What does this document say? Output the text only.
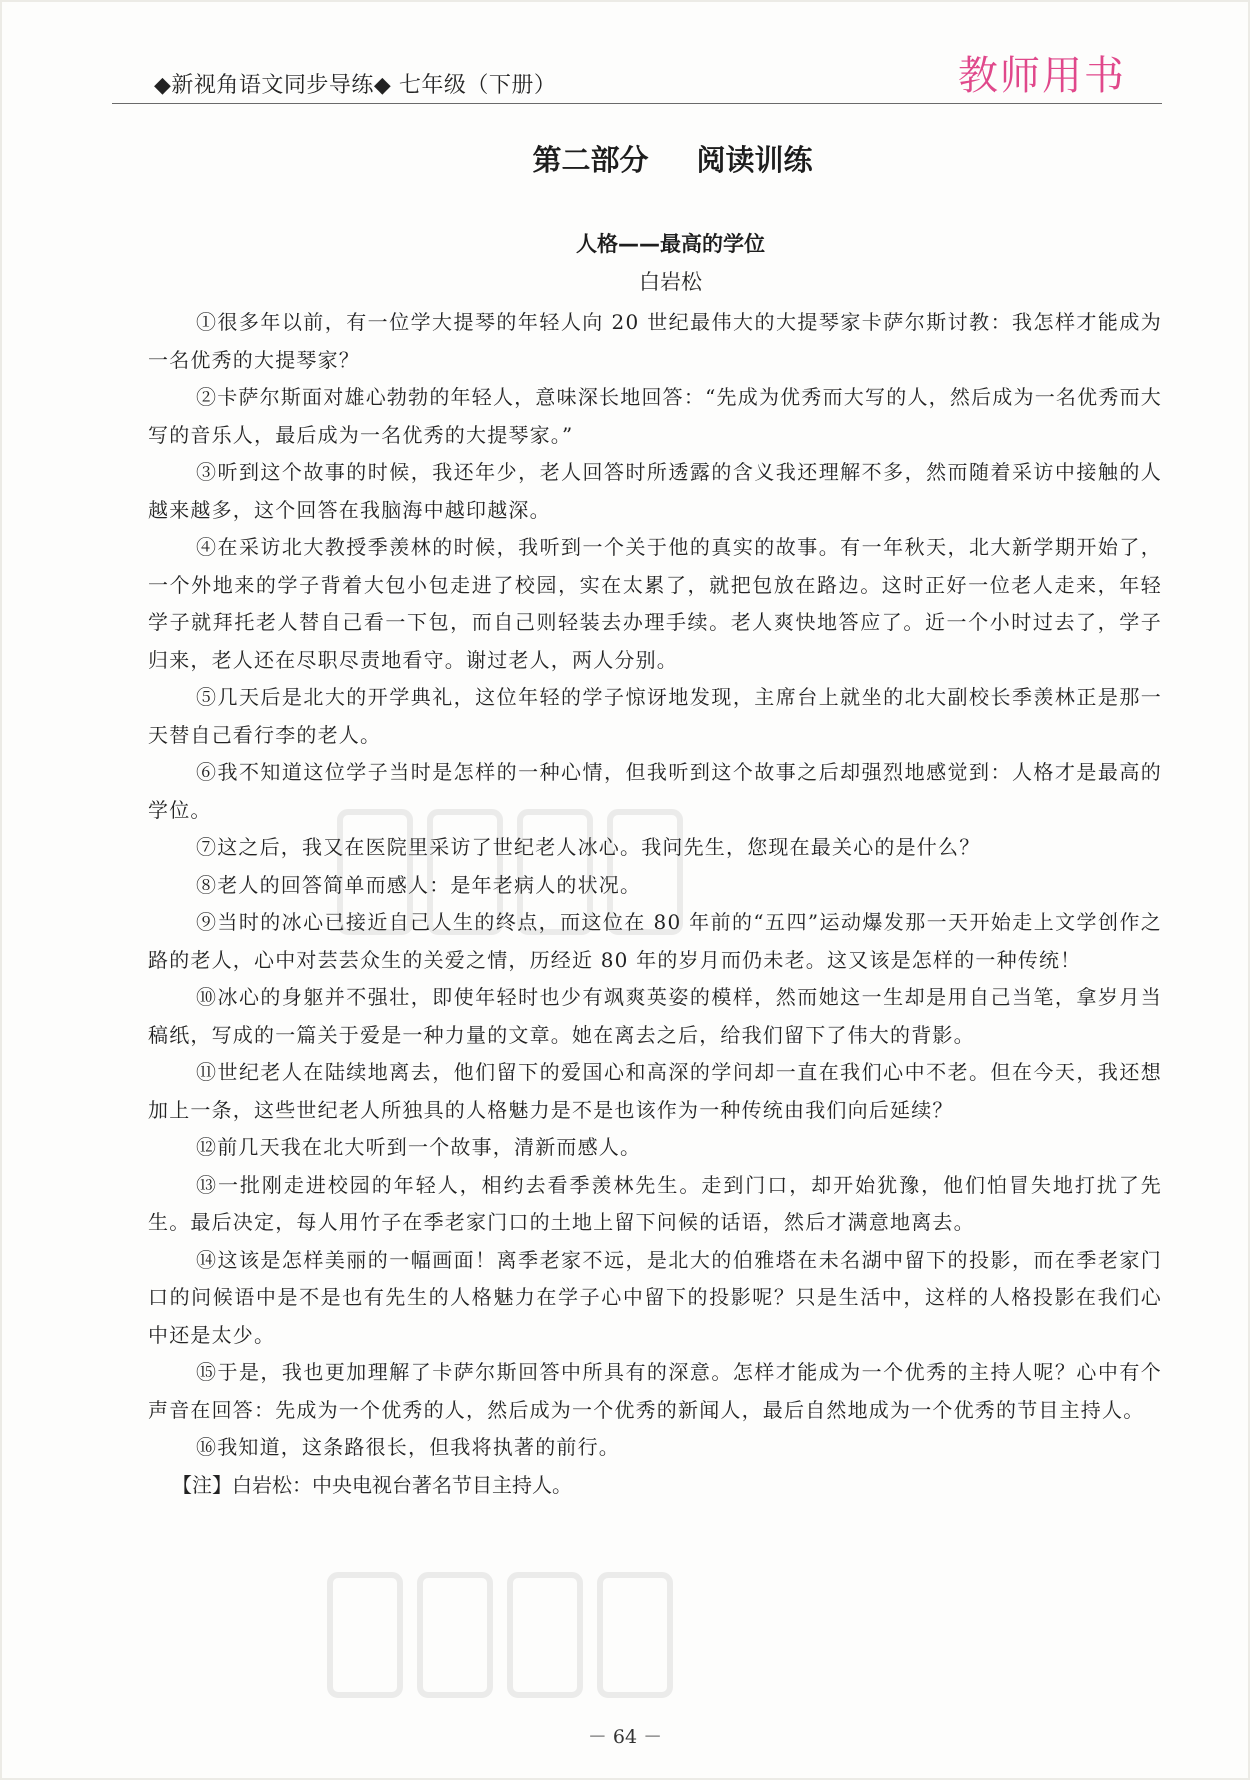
◆新视角语文同步导练◆ 七年级（下册）	教师用书
第二部分 阅读训练
人格——最高的学位
白岩松

①很多年以前，有一位学大提琴的年轻人向 20 世纪最伟大的大提琴家卡萨尔斯讨教：我怎样才能成为一名优秀的大提琴家？

②卡萨尔斯面对雄心勃勃的年轻人，意味深长地回答：“先成为优秀而大写的人，然后成为一名优秀而大写的音乐人，最后成为一名优秀的大提琴家。”

③听到这个故事的时候，我还年少，老人回答时所透露的含义我还理解不多，然而随着采访中接触的人越来越多，这个回答在我脑海中越印越深。

④在采访北大教授季羡林的时候，我听到一个关于他的真实的故事。有一年秋天，北大新学期开始了，一个外地来的学子背着大包小包走进了校园，实在太累了，就把包放在路边。这时正好一位老人走来，年轻学子就拜托老人替自己看一下包，而自己则轻装去办理手续。老人爽快地答应了。近一个小时过去了，学子归来，老人还在尽职尽责地看守。谢过老人，两人分别。

⑤几天后是北大的开学典礼，这位年轻的学子惊讶地发现，主席台上就坐的北大副校长季羡林正是那一天替自己看行李的老人。

⑥我不知道这位学子当时是怎样的一种心情，但我听到这个故事之后却强烈地感觉到：人格才是最高的学位。

⑦这之后，我又在医院里采访了世纪老人冰心。我问先生，您现在最关心的是什么？

⑧老人的回答简单而感人：是年老病人的状况。

⑨当时的冰心已接近自己人生的终点，而这位在 80 年前的“五四”运动爆发那一天开始走上文学创作之路的老人，心中对芸芸众生的关爱之情，历经近 80 年的岁月而仍未老。这又该是怎样的一种传统！

⑩冰心的身躯并不强壮，即使年轻时也少有飒爽英姿的模样，然而她这一生却是用自己当笔，拿岁月当稿纸，写成的一篇关于爱是一种力量的文章。她在离去之后，给我们留下了伟大的背影。

⑪世纪老人在陆续地离去，他们留下的爱国心和高深的学问却一直在我们心中不老。但在今天，我还想加上一条，这些世纪老人所独具的人格魅力是不是也该作为一种传统由我们向后延续？

⑫前几天我在北大听到一个故事，清新而感人。

⑬一批刚走进校园的年轻人，相约去看季羡林先生。走到门口，却开始犹豫，他们怕冒失地打扰了先生。最后决定，每人用竹子在季老家门口的土地上留下问候的话语，然后才满意地离去。

⑭这该是怎样美丽的一幅画面！离季老家不远，是北大的伯雅塔在未名湖中留下的投影，而在季老家门口的问候语中是不是也有先生的人格魅力在学子心中留下的投影呢？只是生活中，这样的人格投影在我们心中还是太少。

⑮于是，我也更加理解了卡萨尔斯回答中所具有的深意。怎样才能成为一个优秀的主持人呢？心中有个声音在回答：先成为一个优秀的人，然后成为一个优秀的新闻人，最后自然地成为一个优秀的节目主持人。

⑯我知道，这条路很长，但我将执著的前行。

【注】白岩松：中央电视台著名节目主持人。

－ 64 －
